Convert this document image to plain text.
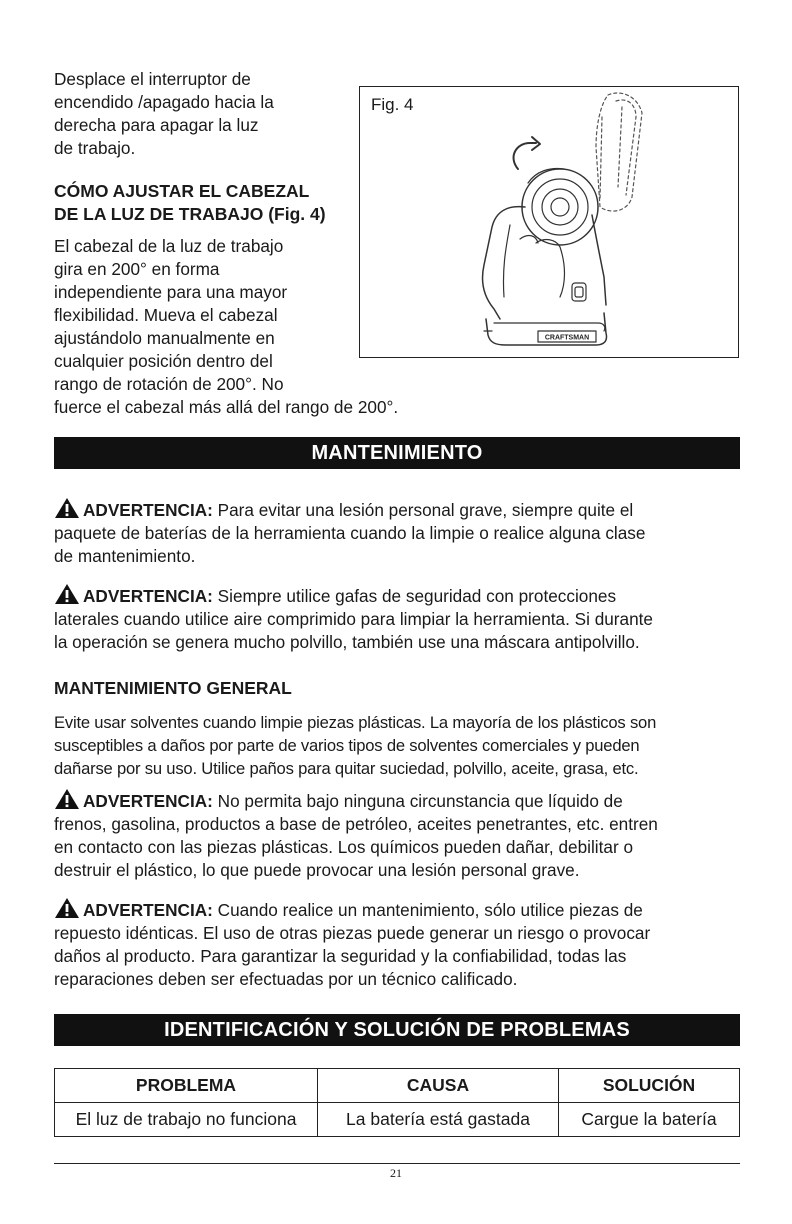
Desplace el interruptor de
encendido /apagado hacia la
derecha para apagar la luz
de trabajo.
CÓMO AJUSTAR EL CABEZAL
DE LA LUZ DE TRABAJO (Fig. 4)
El cabezal de la luz de trabajo
gira en 200° en forma
independiente para una mayor
flexibilidad. Mueva el cabezal
ajustándolo manualmente en
cualquier posición dentro del
rango de rotación de 200°. No
fuerce el cabezal más allá del rango de 200°.
Fig. 4
CRAFTSMAN
MANTENIMIENTO
ADVERTENCIA: Para evitar una lesión personal grave, siempre quite el
paquete de baterías de la herramienta cuando la limpie o realice alguna clase
de mantenimiento.
ADVERTENCIA: Siempre utilice gafas de seguridad con protecciones
laterales cuando utilice aire comprimido para limpiar la herramienta. Si durante
la operación se genera mucho polvillo, también use una máscara antipolvillo.
MANTENIMIENTO GENERAL
Evite usar solventes cuando limpie piezas plásticas. La mayoría de los plásticos son
susceptibles a daños por parte de varios tipos de solventes comerciales y pueden
dañarse por su uso. Utilice paños para quitar suciedad, polvillo, aceite, grasa, etc.
ADVERTENCIA: No permita bajo ninguna circunstancia que líquido de
frenos, gasolina, productos a base de petróleo, aceites penetrantes, etc. entren
en contacto con las piezas plásticas. Los químicos pueden dañar, debilitar o
destruir el plástico, lo que puede provocar una lesión personal grave.
ADVERTENCIA: Cuando realice un mantenimiento, sólo utilice piezas de
repuesto idénticas. El uso de otras piezas puede generar un riesgo o provocar
daños al producto. Para garantizar la seguridad y la confiabilidad, todas las
reparaciones deben ser efectuadas por un técnico calificado.
IDENTIFICACIÓN Y SOLUCIÓN DE PROBLEMAS
PROBLEMA	CAUSA	SOLUCIÓN
El luz de trabajo no funciona	La batería está gastada	Cargue la batería
21
